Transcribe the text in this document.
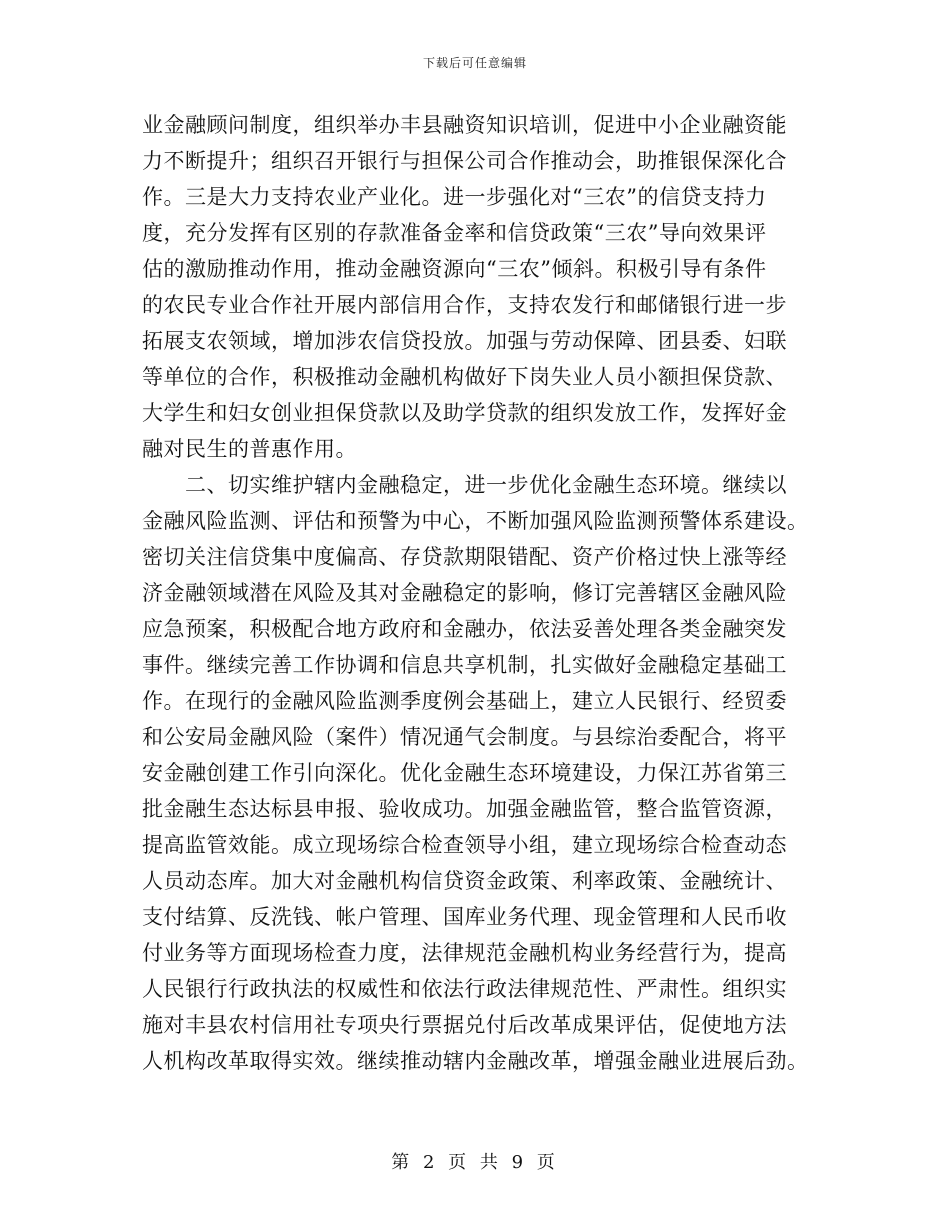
下载后可任意编辑
业金融顾问制度，组织举办丰县融资知识培训，促进中小企业融资能
力不断提升；组织召开银行与担保公司合作推动会，助推银保深化合
作。三是大力支持农业产业化。进一步强化对“三农”的信贷支持力
度，充分发挥有区别的存款准备金率和信贷政策“三农”导向效果评
估的激励推动作用，推动金融资源向“三农”倾斜。积极引导有条件
的农民专业合作社开展内部信用合作，支持农发行和邮储银行进一步
拓展支农领域，增加涉农信贷投放。加强与劳动保障、团县委、妇联
等单位的合作，积极推动金融机构做好下岗失业人员小额担保贷款、
大学生和妇女创业担保贷款以及助学贷款的组织发放工作，发挥好金
融对民生的普惠作用。
　　二、切实维护辖内金融稳定，进一步优化金融生态环境。继续以
金融风险监测、评估和预警为中心，不断加强风险监测预警体系建设。
密切关注信贷集中度偏高、存贷款期限错配、资产价格过快上涨等经
济金融领域潜在风险及其对金融稳定的影响，修订完善辖区金融风险
应急预案，积极配合地方政府和金融办，依法妥善处理各类金融突发
事件。继续完善工作协调和信息共享机制，扎实做好金融稳定基础工
作。在现行的金融风险监测季度例会基础上，建立人民银行、经贸委
和公安局金融风险（案件）情况通气会制度。与县综治委配合，将平
安金融创建工作引向深化。优化金融生态环境建设，力保江苏省第三
批金融生态达标县申报、验收成功。加强金融监管，整合监管资源，
提高监管效能。成立现场综合检查领导小组，建立现场综合检查动态
人员动态库。加大对金融机构信贷资金政策、利率政策、金融统计、
支付结算、反洗钱、帐户管理、国库业务代理、现金管理和人民币收
付业务等方面现场检查力度，法律规范金融机构业务经营行为，提高
人民银行行政执法的权威性和依法行政法律规范性、严肃性。组织实
施对丰县农村信用社专项央行票据兑付后改革成果评估，促使地方法
人机构改革取得实效。继续推动辖内金融改革，增强金融业进展后劲。
第 2 页 共 9 页
